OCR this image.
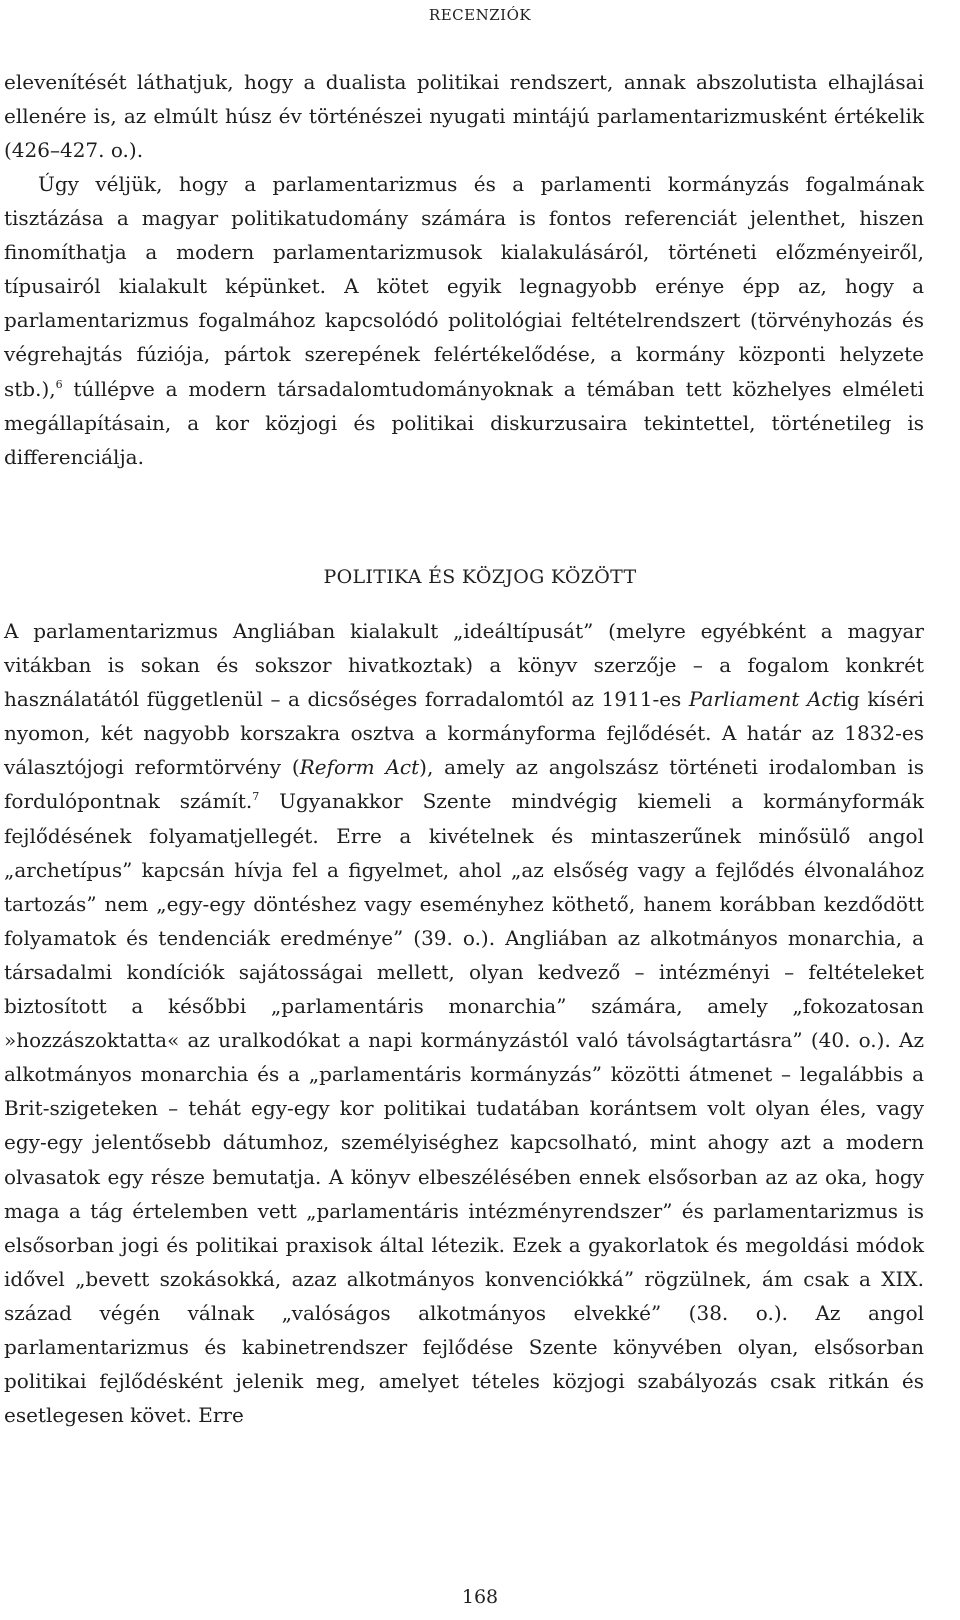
RECENZIÓK

elevenítését láthatjuk, hogy a dualista politikai rendszert, annak abszolutista elhajlásai ellenére is, az elmúlt húsz év történészei nyugati mintájú parlamentarizmusként értékelik (426–427. o.).

Úgy véljük, hogy a parlamentarizmus és a parlamenti kormányzás fogalmának tisztázása a magyar politikatudomány számára is fontos referenciát jelenthet, hiszen finomíthatja a modern parlamentarizmusok kialakulásáról, történeti előzményeiről, típusairól kialakult képünket. A kötet egyik legnagyobb erénye épp az, hogy a parlamentarizmus fogalmához kapcsolódó politológiai feltételrendszert (törvényhozás és végrehajtás fúziója, pártok szerepének felértékelődése, a kormány központi helyzete stb.),$^6$ túllépve a modern társadalomtudományoknak a témában tett közhelyes elméleti megállapításain, a kor közjogi és politikai diskurzusaira tekintettel, történetileg is differenciálja.

POLITIKA ÉS KÖZJOG KÖZÖTT

A parlamentarizmus Angliában kialakult „ideáltípusát” (melyre egyébként a magyar vitákban is sokan és sokszor hivatkoztak) a könyv szerzője – a fogalom konkrét használatától függetlenül – a dicsőséges forradalomtól az 1911-es Parliament Actig kíséri nyomon, két nagyobb korszakra osztva a kormányforma fejlődését. A határ az 1832-es választójogi reformtörvény (Reform Act), amely az angolszász történeti irodalomban is fordulópontnak számít.$^7$ Ugyanakkor Szente mindvégig kiemeli a kormányformák fejlődésének folyamatjellegét. Erre a kivételnek és mintaszerűnek minősülő angol „archetípus” kapcsán hívja fel a figyelmet, ahol „az elsőség vagy a fejlődés élvonalához tartozás” nem „egy-egy döntéshez vagy eseményhez köthető, hanem korábban kezdődött folyamatok és tendenciák eredménye” (39. o.). Angliában az alkotmányos monarchia, a társadalmi kondíciók sajátosságai mellett, olyan kedvező – intézményi – feltételeket biztosított a későbbi „parlamentáris monarchia” számára, amely „fokozatosan »hozzászoktatta« az uralkodókat a napi kormányzástól való távolságtartásra” (40. o.). Az alkotmányos monarchia és a „parlamentáris kormányzás” közötti átmenet – legalábbis a Brit-szigeteken – tehát egy-egy kor politikai tudatában korántsem volt olyan éles, vagy egy-egy jelentősebb dátumhoz, személyiséghez kapcsolható, mint ahogy azt a modern olvasatok egy része bemutatja. A könyv elbeszélésében ennek elsősorban az az oka, hogy maga a tág értelemben vett „parlamentáris intézményrendszer” és parlamentarizmus is elsősorban jogi és politikai praxisok által létezik. Ezek a gyakorlatok és megoldási módok idővel „bevett szokásokká, azaz alkotmányos konvenciókká” rögzülnek, ám csak a XIX. század végén válnak „valóságos alkotmányos elvekké” (38. o.). Az angol parlamentarizmus és kabinetrendszer fejlődése Szente könyvében olyan, elsősorban politikai fejlődésként jelenik meg, amelyet tételes közjogi szabályozás csak ritkán és esetlegesen követ. Erre

168
